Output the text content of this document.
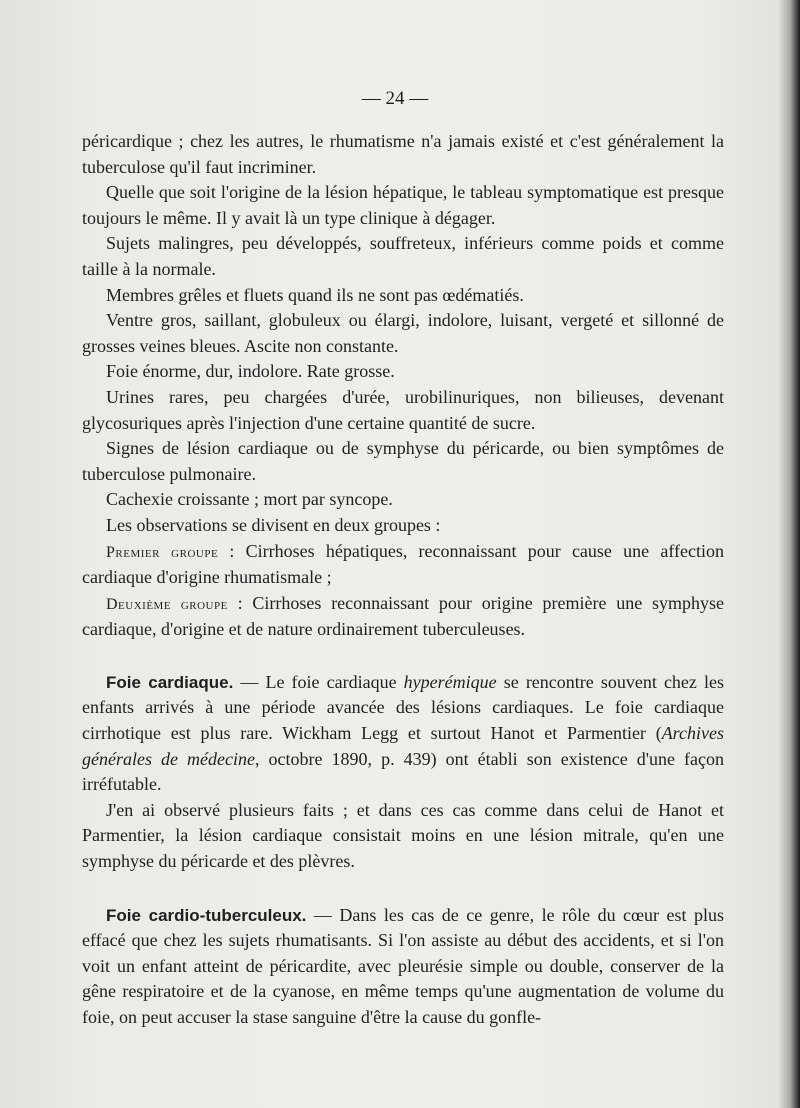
— 24 —

péricardique ; chez les autres, le rhumatisme n'a jamais existé et c'est généralement la tuberculose qu'il faut incriminer.

Quelle que soit l'origine de la lésion hépatique, le tableau symptomatique est presque toujours le même. Il y avait là un type clinique à dégager.

Sujets malingres, peu développés, souffreteux, inférieurs comme poids et comme taille à la normale.

Membres grêles et fluets quand ils ne sont pas œdématiés.

Ventre gros, saillant, globuleux ou élargi, indolore, luisant, vergeté et sillonné de grosses veines bleues. Ascite non constante.

Foie énorme, dur, indolore. Rate grosse.

Urines rares, peu chargées d'urée, urobilinuriques, non bilieuses, devenant glycosuriques après l'injection d'une certaine quantité de sucre.

Signes de lésion cardiaque ou de symphyse du péricarde, ou bien symptômes de tuberculose pulmonaire.

Cachexie croissante ; mort par syncope.

Les observations se divisent en deux groupes :

Premier groupe : Cirrhoses hépatiques, reconnaissant pour cause une affection cardiaque d'origine rhumatismale ;

Deuxième groupe : Cirrhoses reconnaissant pour origine première une symphyse cardiaque, d'origine et de nature ordinairement tuberculeuses.

Foie cardiaque. — Le foie cardiaque hyperémique se rencontre souvent chez les enfants arrivés à une période avancée des lésions cardiaques. Le foie cardiaque cirrhotique est plus rare. Wickham Legg et surtout Hanot et Parmentier (Archives générales de médecine, octobre 1890, p. 439) ont établi son existence d'une façon irréfutable.

J'en ai observé plusieurs faits ; et dans ces cas comme dans celui de Hanot et Parmentier, la lésion cardiaque consistait moins en une lésion mitrale, qu'en une symphyse du péricarde et des plèvres.

Foie cardio-tuberculeux. — Dans les cas de ce genre, le rôle du cœur est plus effacé que chez les sujets rhumatisants. Si l'on assiste au début des accidents, et si l'on voit un enfant atteint de péricardite, avec pleurésie simple ou double, conserver de la gêne respiratoire et de la cyanose, en même temps qu'une augmentation de volume du foie, on peut accuser la stase sanguine d'être la cause du gonfle-
